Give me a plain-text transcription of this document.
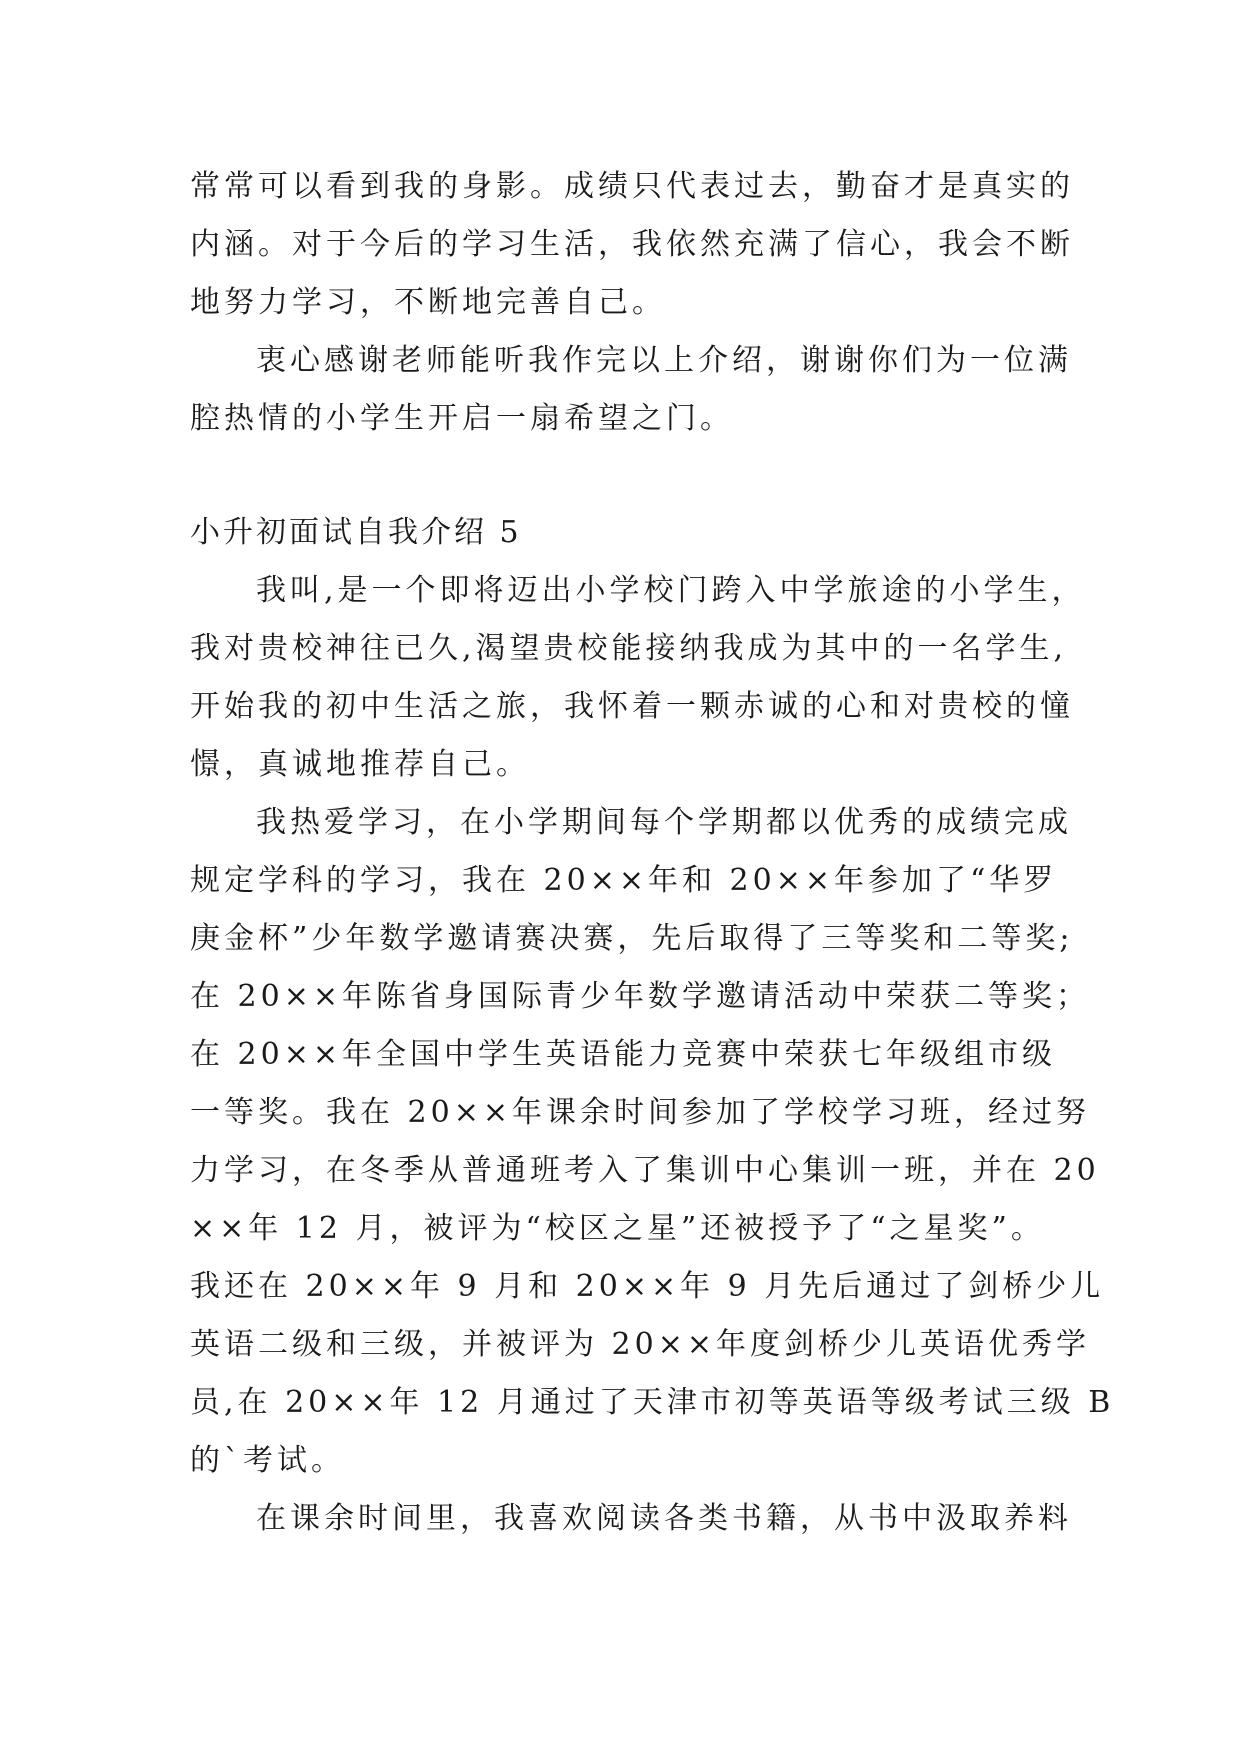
常常可以看到我的身影。成绩只代表过去，勤奋才是真实的
内涵。对于今后的学习生活，我依然充满了信心，我会不断
地努力学习，不断地完善自己。
衷心感谢老师能听我作完以上介绍，谢谢你们为一位满
腔热情的小学生开启一扇希望之门。
小升初面试自我介绍 5
我叫,是一个即将迈出小学校门跨入中学旅途的小学生，
我对贵校神往已久,渴望贵校能接纳我成为其中的一名学生,
开始我的初中生活之旅，我怀着一颗赤诚的心和对贵校的憧
憬，真诚地推荐自己。
我热爱学习，在小学期间每个学期都以优秀的成绩完成
规定学科的学习，我在 20××年和 20××年参加了“华罗
庚金杯”少年数学邀请赛决赛，先后取得了三等奖和二等奖;
在 20××年陈省身国际青少年数学邀请活动中荣获二等奖；
在 20××年全国中学生英语能力竞赛中荣获七年级组市级
一等奖。我在 20××年课余时间参加了学校学习班，经过努
力学习，在冬季从普通班考入了集训中心集训一班，并在 20
××年 12 月，被评为“校区之星”还被授予了“之星奖”。
我还在 20××年 9 月和 20××年 9 月先后通过了剑桥少儿
英语二级和三级，并被评为 20××年度剑桥少儿英语优秀学
员,在 20××年 12 月通过了天津市初等英语等级考试三级 B
的`考试。
在课余时间里，我喜欢阅读各类书籍，从书中汲取养料
